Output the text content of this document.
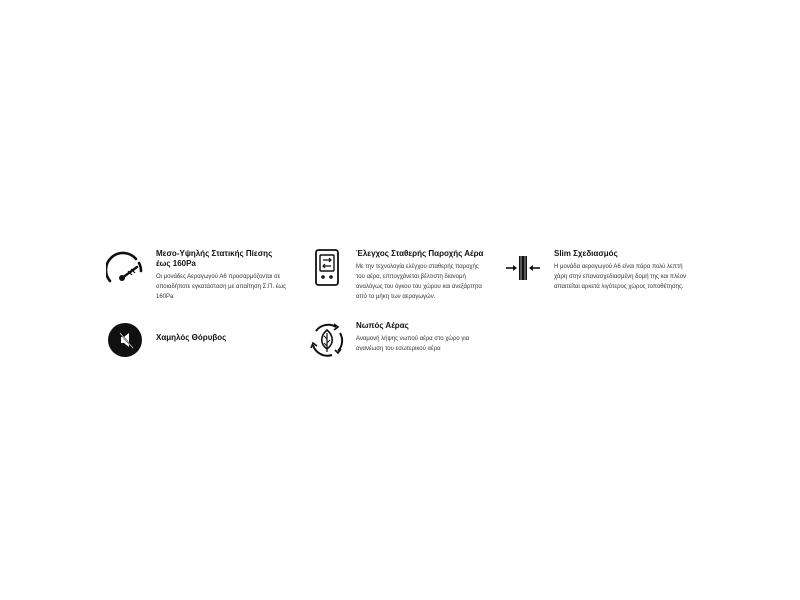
Μεσο-Υψηλής Στατικής Πίεσης έως 160Pa
Οι μονάδες Αεραγωγού Α6 προσαρμόζονται σε οποιαδήποτε εγκατάσταση με απαίτηση Σ.Π. έως 160Pa
Έλεγχος Σταθερής Παροχής Αέρα
Με την τεχνολογία ελέγχου σταθερής παροχής του αέρα, επιτυγχάνεται βέλτιστη διανομή αναλόγως του όγκου του χώρου και ανεξάρτητα από το μήκη των αεραγωγών.
Slim Σχεδιασμός
Η μονάδα αεραγωγού Α6 είναι πάρα πολύ λεπτή χάρη στην επανασχεδιασμένη δομή της και πλέον απαιτείται αρκετά λιγότερος χώρος τοποθέτησης.
Χαμηλός Θόρυβος
Νωπός Αέρας
Αναμονή λήψης νωπού αέρα στο χώρο για ανανέωση του εσωτερικού αέρα
